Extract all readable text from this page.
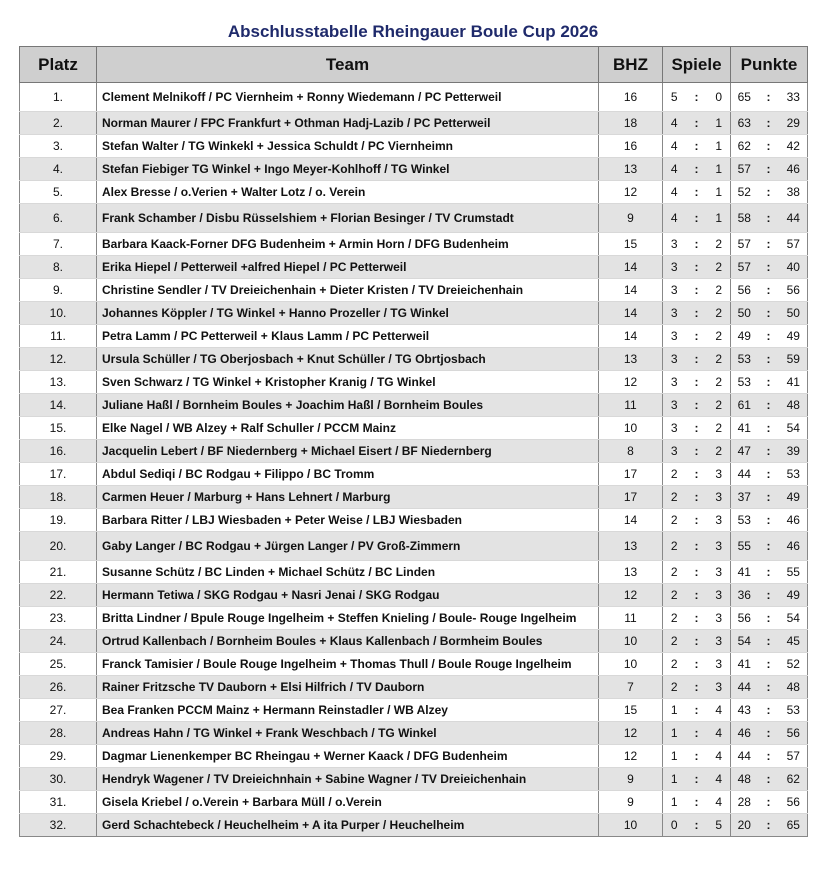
Abschlusstabelle Rheingauer Boule Cup 2026
Platz	Team	BHZ	Spiele			Punkte		
1.	Clement Melnikoff / PC Viernheim + Ronny Wiedemann / PC Petterweil	16	5	:	0	65	:	33
2.	Norman Maurer / FPC Frankfurt + Othman Hadj-Lazib / PC Petterweil	18	4	:	1	63	:	29
3.	Stefan Walter / TG Winkekl + Jessica Schuldt / PC Viernheimn	16	4	:	1	62	:	42
4.	Stefan Fiebiger TG Winkel + Ingo Meyer-Kohlhoff / TG Winkel	13	4	:	1	57	:	46
5.	Alex Bresse / o.Verien + Walter Lotz / o. Verein	12	4	:	1	52	:	38
6.	Frank Schamber / Disbu Rüsselshiem + Florian Besinger / TV Crumstadt	9	4	:	1	58	:	44
7.	Barbara Kaack-Forner DFG Budenheim + Armin Horn / DFG Budenheim	15	3	:	2	57	:	57
8.	Erika Hiepel / Petterweil +alfred Hiepel / PC Petterweil	14	3	:	2	57	:	40
9.	Christine Sendler / TV Dreieichenhain + Dieter Kristen / TV Dreieichenhain	14	3	:	2	56	:	56
10.	Johannes Köppler / TG Winkel + Hanno Prozeller / TG Winkel	14	3	:	2	50	:	50
11.	Petra Lamm / PC Petterweil + Klaus Lamm / PC Petterweil	14	3	:	2	49	:	49
12.	Ursula Schüller / TG Oberjosbach + Knut Schüller / TG Obrtjosbach	13	3	:	2	53	:	59
13.	Sven Schwarz / TG Winkel + Kristopher Kranig / TG Winkel	12	3	:	2	53	:	41
14.	Juliane Haßl / Bornheim Boules + Joachim Haßl / Bornheim Boules	11	3	:	2	61	:	48
15.	Elke Nagel / WB Alzey + Ralf Schuller / PCCM Mainz	10	3	:	2	41	:	54
16.	Jacquelin Lebert / BF Niedernberg + Michael Eisert / BF Niedernberg	8	3	:	2	47	:	39
17.	Abdul Sediqi / BC Rodgau + Filippo / BC Tromm	17	2	:	3	44	:	53
18.	Carmen Heuer / Marburg + Hans Lehnert / Marburg	17	2	:	3	37	:	49
19.	Barbara Ritter / LBJ Wiesbaden + Peter Weise / LBJ Wiesbaden	14	2	:	3	53	:	46
20.	Gaby Langer / BC Rodgau + Jürgen Langer / PV Groß-Zimmern	13	2	:	3	55	:	46
21.	Susanne Schütz / BC Linden + Michael Schütz / BC Linden	13	2	:	3	41	:	55
22.	Hermann Tetiwa / SKG Rodgau + Nasri Jenai / SKG Rodgau	12	2	:	3	36	:	49
23.	Britta Lindner / Bpule Rouge Ingelheim + Steffen Knieling / Boule- Rouge Ingelheim	11	2	:	3	56	:	54
24.	Ortrud Kallenbach / Bornheim Boules + Klaus Kallenbach / Bormheim Boules	10	2	:	3	54	:	45
25.	Franck Tamisier / Boule Rouge Ingelheim + Thomas Thull / Boule Rouge Ingelheim	10	2	:	3	41	:	52
26.	Rainer Fritzsche TV Dauborn + Elsi Hilfrich / TV Dauborn	7	2	:	3	44	:	48
27.	Bea Franken PCCM Mainz + Hermann Reinstadler / WB Alzey	15	1	:	4	43	:	53
28.	Andreas Hahn / TG Winkel + Frank Weschbach / TG Winkel	12	1	:	4	46	:	56
29.	Dagmar Lienenkemper BC Rheingau + Werner Kaack / DFG Budenheim	12	1	:	4	44	:	57
30.	Hendryk Wagener / TV Dreieichnhain + Sabine Wagner / TV Dreieichenhain	9	1	:	4	48	:	62
31.	Gisela Kriebel / o.Verein + Barbara Müll / o.Verein	9	1	:	4	28	:	56
32.	Gerd Schachtebeck / Heuchelheim + A ita Purper / Heuchelheim	10	0	:	5	20	:	65
